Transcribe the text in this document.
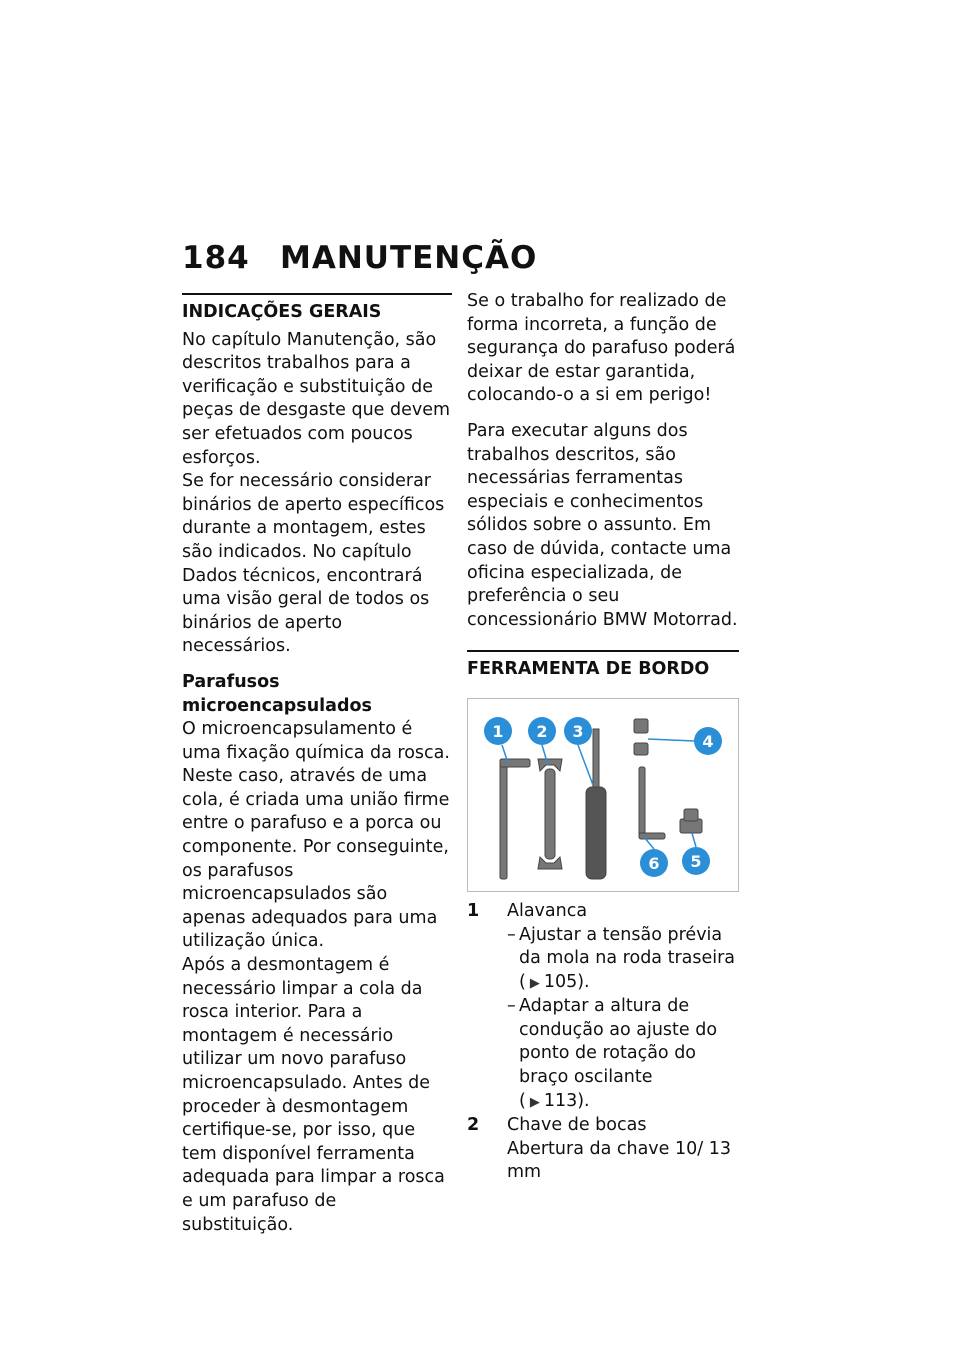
184 MANUTENÇÃO
INDICAÇÕES GERAIS

No capítulo Manutenção, são descritos trabalhos para a verificação e substituição de peças de desgaste que devem ser efetuados com poucos esforços.

Se for necessário considerar binários de aperto específicos durante a montagem, estes são indicados. No capítulo Dados técnicos, encontrará uma visão geral de todos os binários de aperto necessários.

Parafusos microencapsulados

O microencapsulamento é uma fixação química da rosca. Neste caso, através de uma cola, é criada uma união firme entre o parafuso e a porca ou componente. Por conseguinte, os parafusos microencapsulados são apenas adequados para uma utilização única.

Após a desmontagem é necessário limpar a cola da rosca interior. Para a montagem é necessário utilizar um novo parafuso microencapsulado. Antes de proceder à desmontagem certifique-se, por isso, que tem disponível ferramenta adequada para limpar a rosca e um parafuso de substituição.

Se o trabalho for realizado de forma incorreta, a função de segurança do parafuso poderá deixar de estar garantida, colocando-o a si em perigo!

Para executar alguns dos trabalhos descritos, são necessárias ferramentas especiais e conhecimentos sólidos sobre o assunto. Em caso de dúvida, contacte uma oficina especializada, de preferência o seu concessionário BMW Motorrad.

FERRAMENTA DE BORDO
1 2 3
4
5
6
1	Alavanca
– Ajustar a tensão prévia da mola na roda traseira
( ▶ 105).
– Adaptar a altura de condução ao ajuste do ponto de rotação do braço oscilante
( ▶ 113).
2	Chave de bocas
Abertura da chave 10/ 13 mm
